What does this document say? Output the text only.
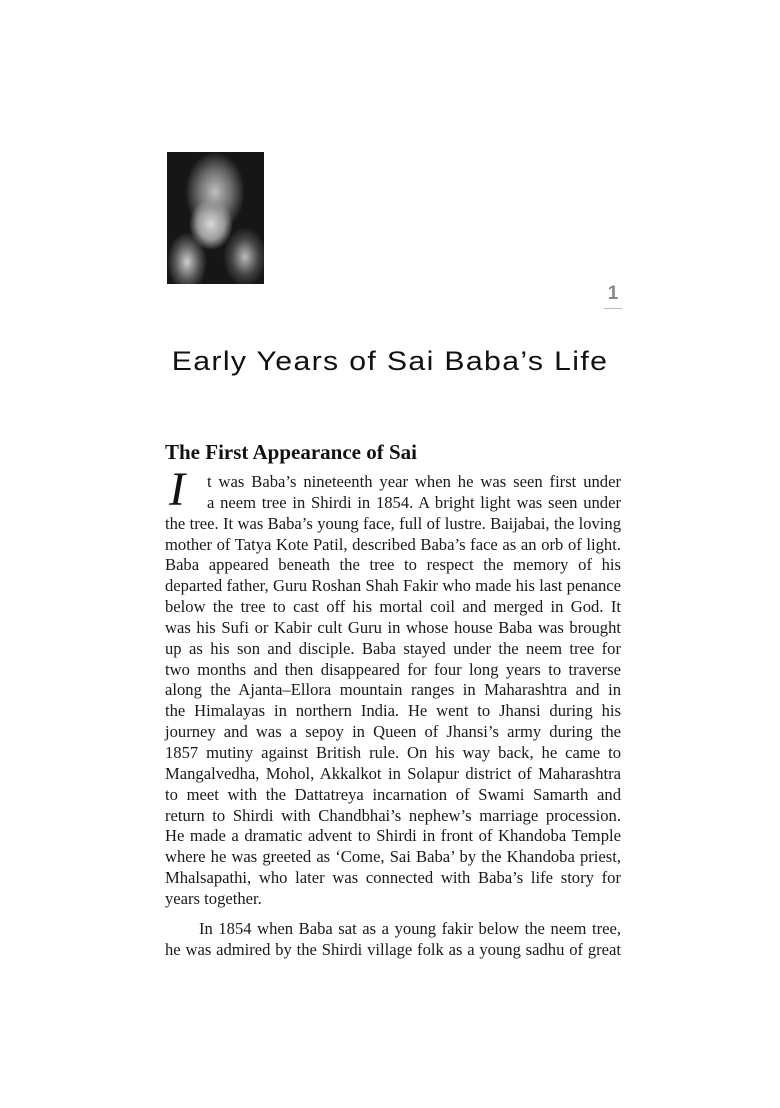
1
Early Years of Sai Baba’s Life
The First Appearance of Sai
I	t was Baba’s nineteenth year when he was seen first under
a neem tree in Shirdi in 1854. A bright light was seen under
the tree. It was Baba’s young face, full of lustre. Baijabai, the loving
mother of Tatya Kote Patil, described Baba’s face as an orb of light.
Baba appeared beneath the tree to respect the memory of his
departed father, Guru Roshan Shah Fakir who made his last penance
below the tree to cast off his mortal coil and merged in God. It
was his Sufi or Kabir cult Guru in whose house Baba was brought
up as his son and disciple. Baba stayed under the neem tree for
two months and then disappeared for four long years to traverse
along the Ajanta–Ellora mountain ranges in Maharashtra and in
the Himalayas in northern India. He went to Jhansi during his
journey and was a sepoy in Queen of Jhansi’s army during the
1857 mutiny against British rule. On his way back, he came to
Mangalvedha, Mohol, Akkalkot in Solapur district of Maharashtra
to meet with the Dattatreya incarnation of Swami Samarth and
return to Shirdi with Chandbhai’s nephew’s marriage procession.
He made a dramatic advent to Shirdi in front of Khandoba Temple
where he was greeted as ‘Come, Sai Baba’ by the Khandoba priest,
Mhalsapathi, who later was connected with Baba’s life story for
years together.
In 1854 when Baba sat as a young fakir below the neem tree,
he was admired by the Shirdi village folk as a young sadhu of great
